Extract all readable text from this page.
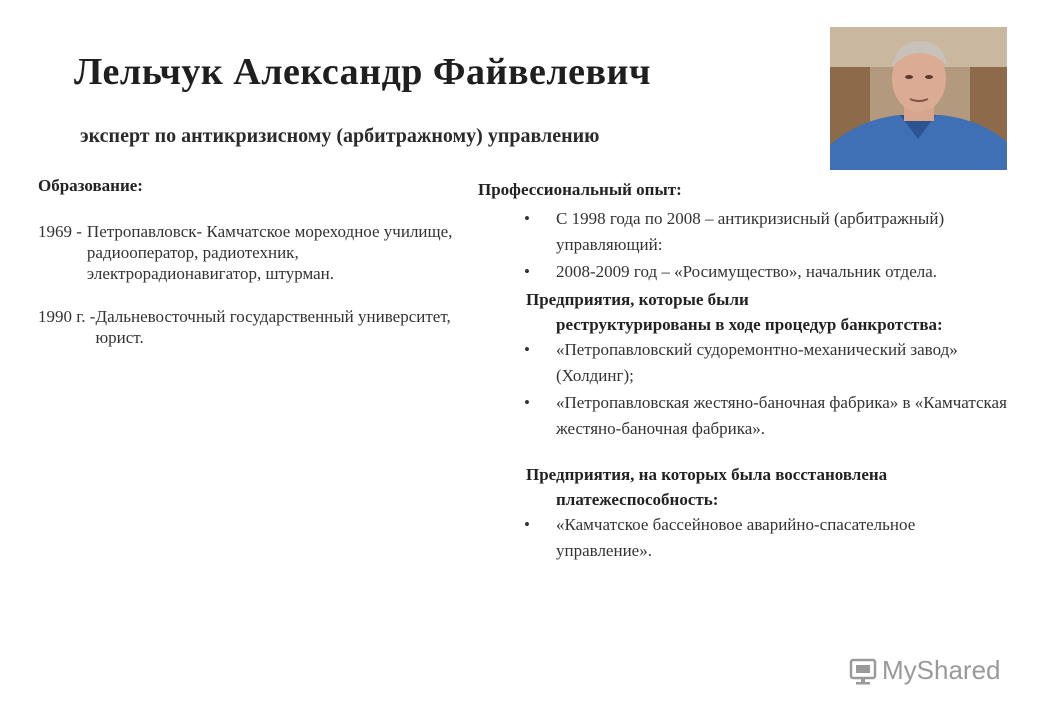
Лельчук Александр Файвелевич
эксперт по антикризисному (арбитражному) управлению
Образование:
1969 - Петропавловск- Камчатское мореходное училище, радиооператор, радиотехник, электрорадионавигатор, штурман.
1990 г. - Дальневосточный государственный университет, юрист.
Профессиональный опыт:
• С 1998 года по 2008 – антикризисный (арбитражный) управляющий:
• 2008-2009 год – «Росимущество», начальник отдела.
Предприятия, которые были
реструктурированы в ходе процедур банкротства:
• «Петропавловский судоремонтно-механический завод» (Холдинг);
• «Петропавловская жестяно-баночная фабрика» в «Камчатская жестяно-баночная фабрика».
Предприятия, на которых была восстановлена
платежеспособность:
• «Камчатское бассейновое аварийно-спасательное управление».
MyShared
